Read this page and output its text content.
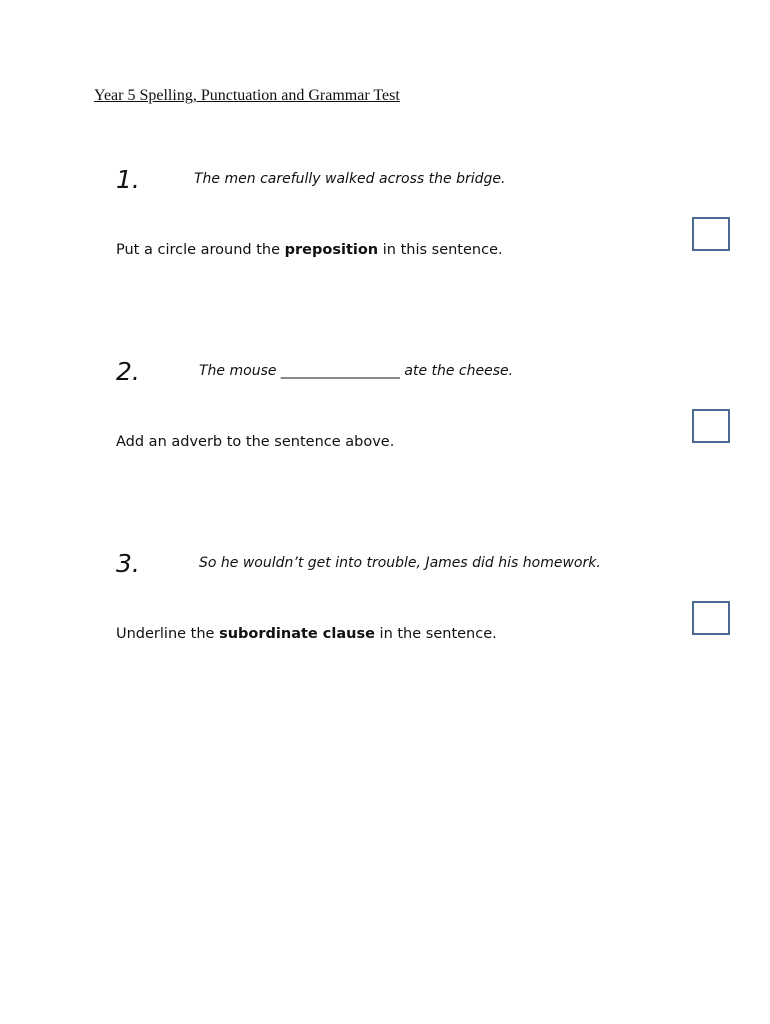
Year 5 Spelling, Punctuation and Grammar Test
1.	The men carefully walked across the bridge.
Put a circle around the preposition in this sentence.
2.	The mouse _________________ ate the cheese.
Add an adverb to the sentence above.
3.	So he wouldn’t get into trouble, James did his homework.
Underline the subordinate clause in the sentence.
